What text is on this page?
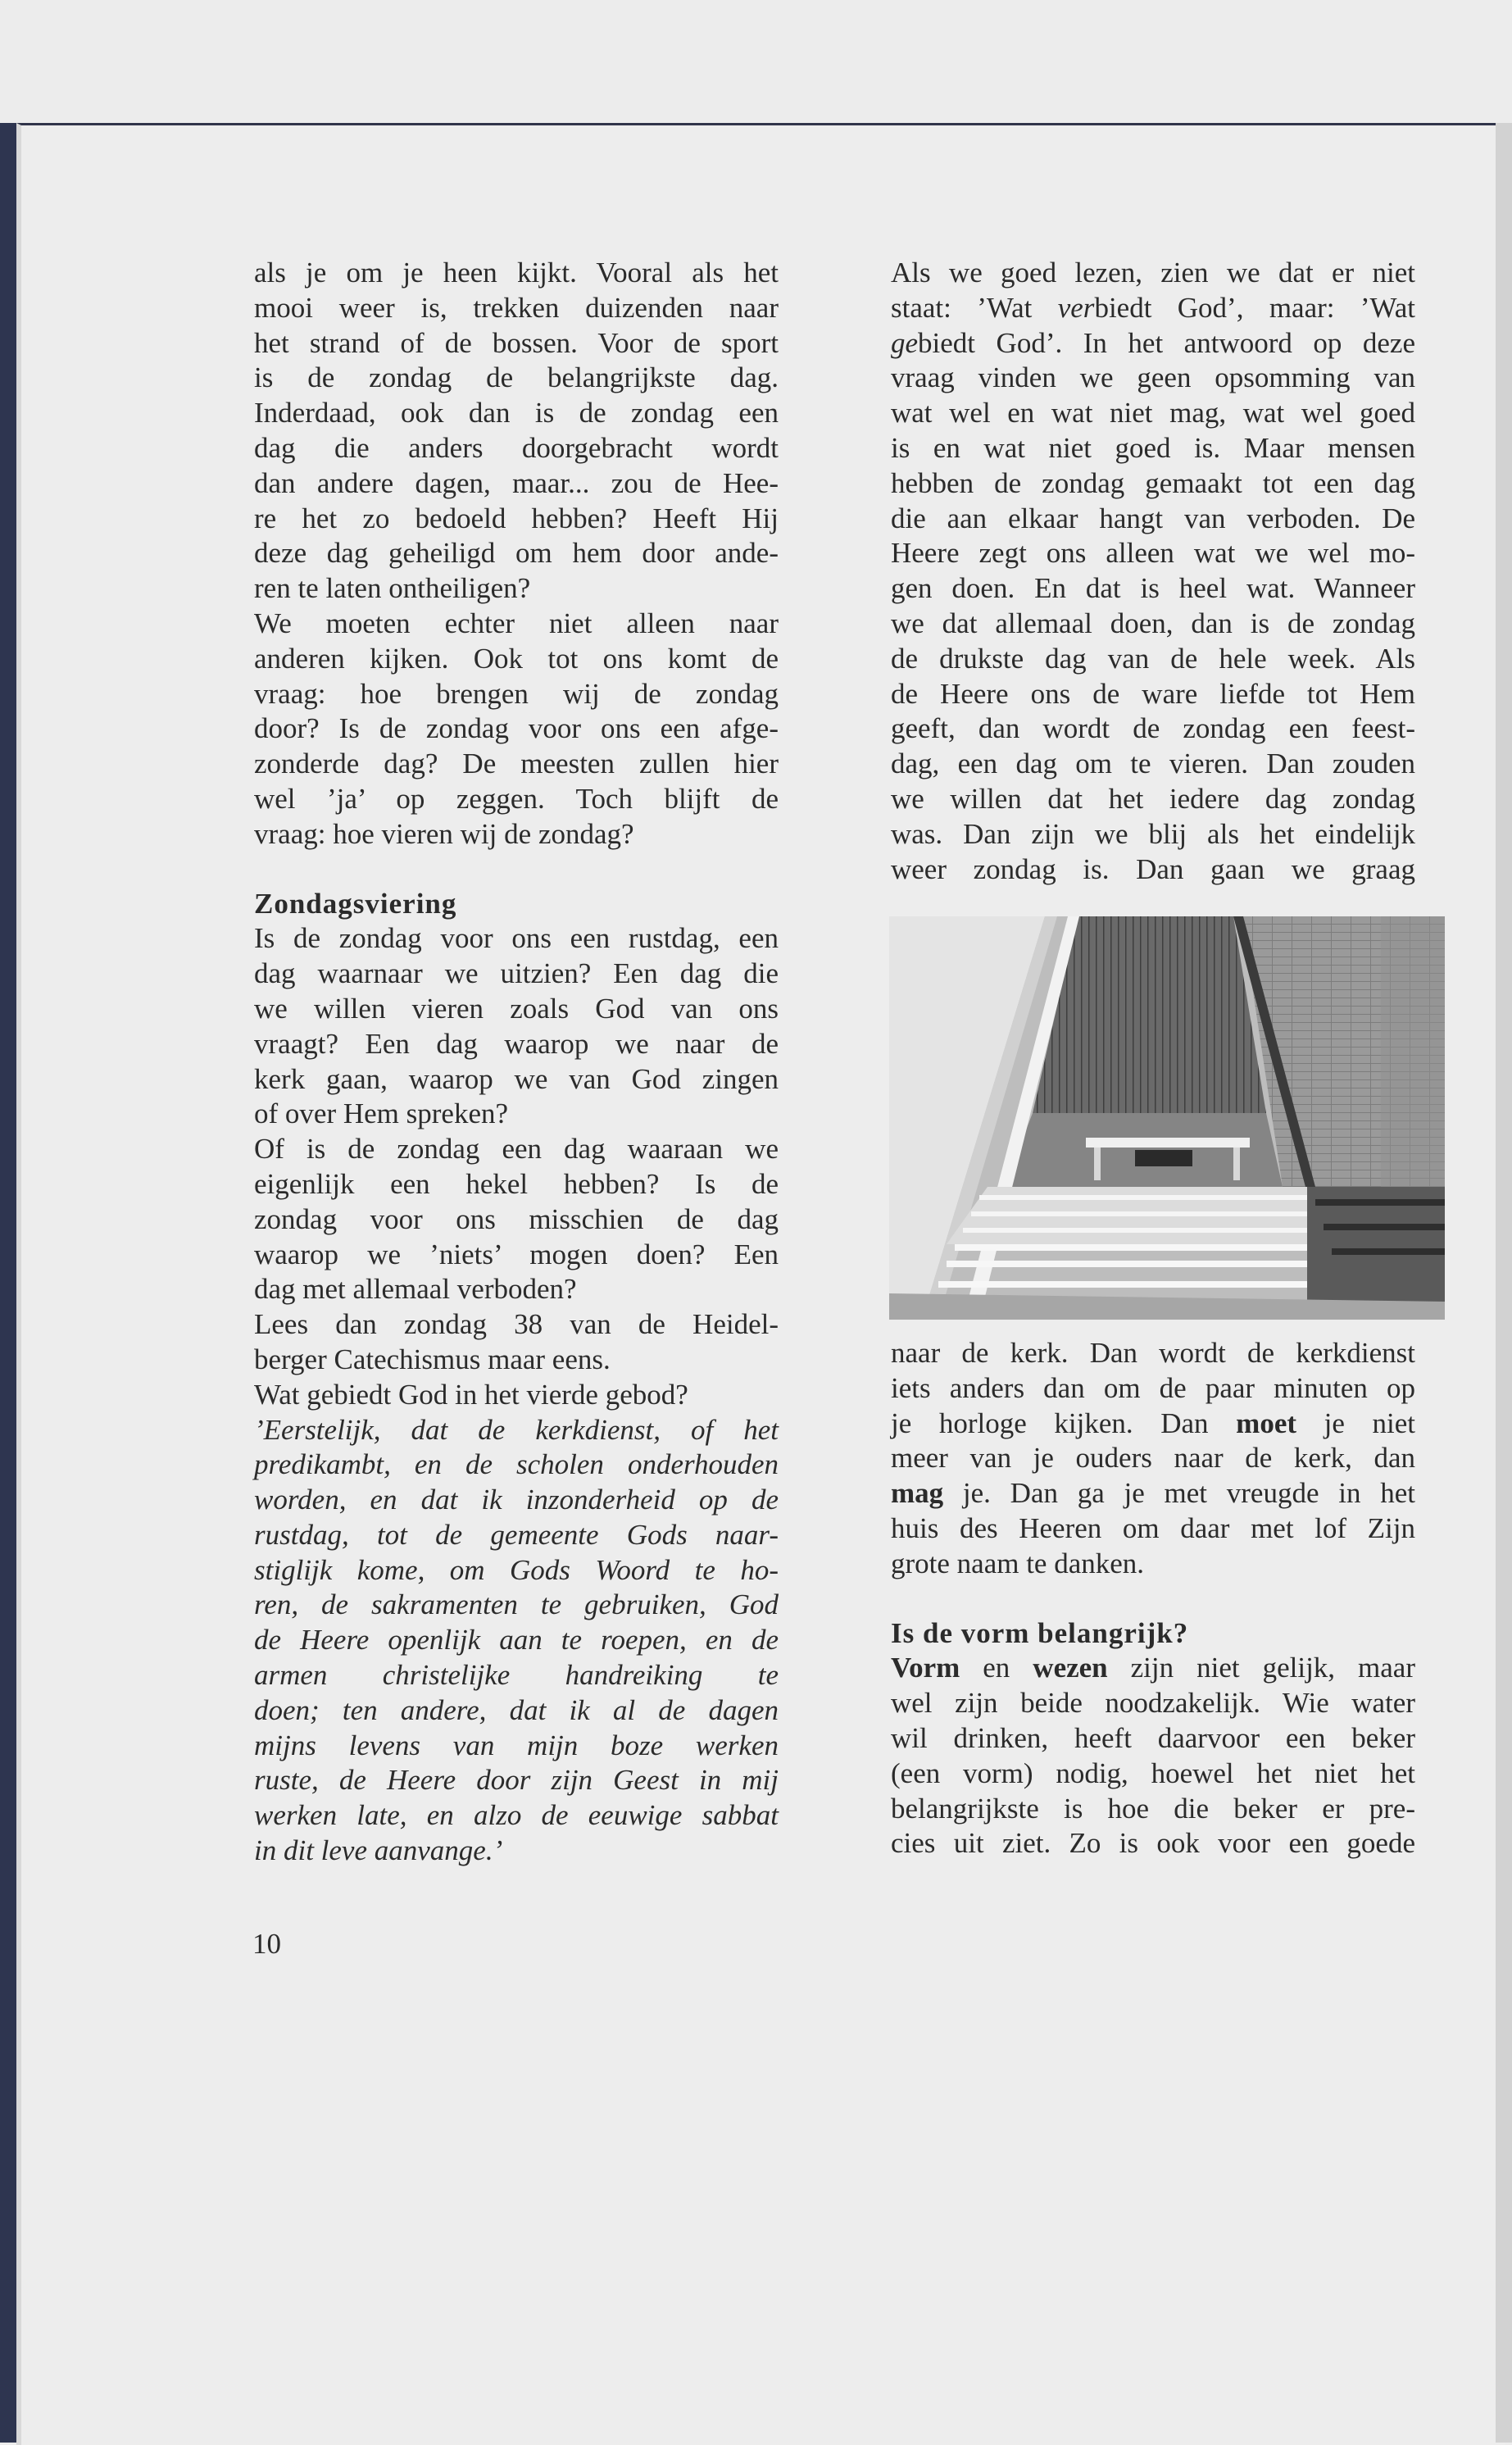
als je om je heen kijkt. Vooral als het

mooi weer is, trekken duizenden naar

het strand of de bossen. Voor de sport

is de zondag de belangrijkste dag.

Inderdaad, ook dan is de zondag een

dag die anders doorgebracht wordt

dan andere dagen, maar... zou de Hee-

re het zo bedoeld hebben? Heeft Hij

deze dag geheiligd om hem door ande-

ren te laten ontheiligen?

We moeten echter niet alleen naar

anderen kijken. Ook tot ons komt de

vraag: hoe brengen wij de zondag

door? Is de zondag voor ons een afge-

zonderde dag? De meesten zullen hier

wel ’ja’ op zeggen. Toch blijft de

vraag: hoe vieren wij de zondag?

Zondagsviering

Is de zondag voor ons een rustdag, een

dag waarnaar we uitzien? Een dag die

we willen vieren zoals God van ons

vraagt? Een dag waarop we naar de

kerk gaan, waarop we van God zingen

of over Hem spreken?

Of is de zondag een dag waaraan we

eigenlijk een hekel hebben? Is de

zondag voor ons misschien de dag

waarop we ’niets’ mogen doen? Een

dag met allemaal verboden?

Lees dan zondag 38 van de Heidel-

berger Catechismus maar eens.

Wat gebiedt God in het vierde gebod?

’Eerstelijk, dat de kerkdienst, of het

predikambt, en de scholen onderhouden

worden, en dat ik inzonderheid op de

rustdag, tot de gemeente Gods naar-

stiglijk kome, om Gods Woord te ho-

ren, de sakramenten te gebruiken, God

de Heere openlijk aan te roepen, en de

armen christelijke handreiking te

doen; ten andere, dat ik al de dagen

mijns levens van mijn boze werken

ruste, de Heere door zijn Geest in mij

werken late, en alzo de eeuwige sabbat

in dit leve aanvange.’

Als we goed lezen, zien we dat er niet

staat: ’Wat verbiedt God’, maar: ’Wat

gebiedt God’. In het antwoord op deze

vraag vinden we geen opsomming van

wat wel en wat niet mag, wat wel goed

is en wat niet goed is. Maar mensen

hebben de zondag gemaakt tot een dag

die aan elkaar hangt van verboden. De

Heere zegt ons alleen wat we wel mo-

gen doen. En dat is heel wat. Wanneer

we dat allemaal doen, dan is de zondag

de drukste dag van de hele week. Als

de Heere ons de ware liefde tot Hem

geeft, dan wordt de zondag een feest-

dag, een dag om te vieren. Dan zouden

we willen dat het iedere dag zondag

was. Dan zijn we blij als het eindelijk

weer zondag is. Dan gaan we graag

naar de kerk. Dan wordt de kerkdienst

iets anders dan om de paar minuten op

je horloge kijken. Dan moet je niet

meer van je ouders naar de kerk, dan

mag je. Dan ga je met vreugde in het

huis des Heeren om daar met lof Zijn

grote naam te danken.

Is de vorm belangrijk?

Vorm en wezen zijn niet gelijk, maar

wel zijn beide noodzakelijk. Wie water

wil drinken, heeft daarvoor een beker

(een vorm) nodig, hoewel het niet het

belangrijkste is hoe die beker er pre-

cies uit ziet. Zo is ook voor een goede

10
